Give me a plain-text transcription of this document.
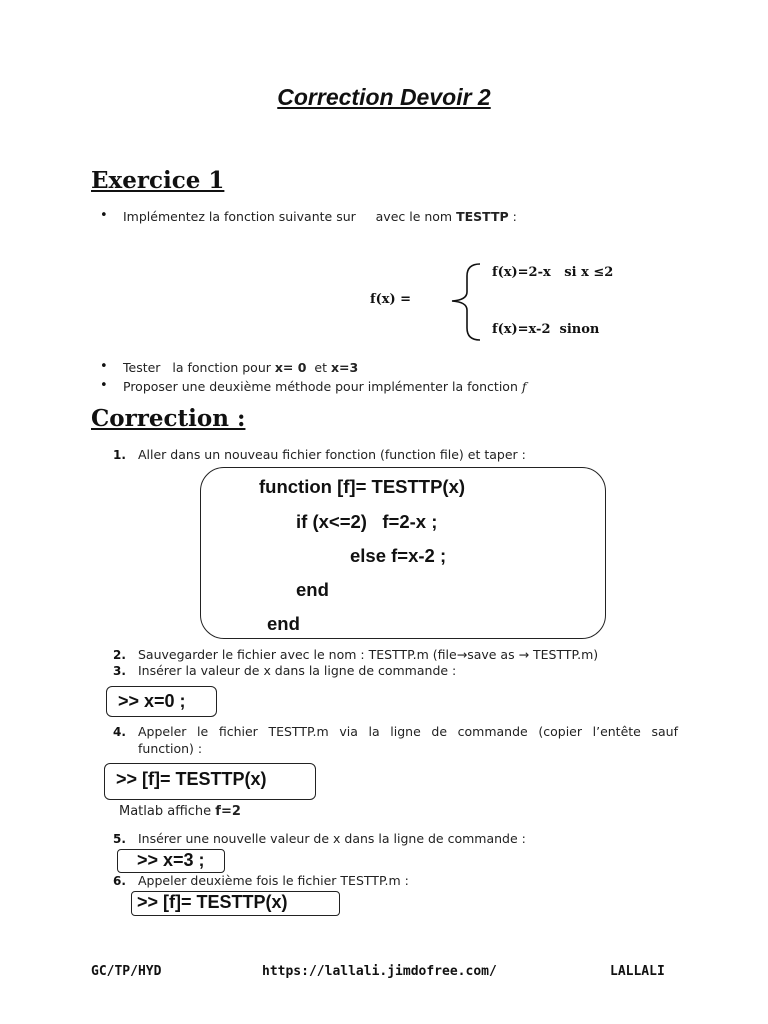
Correction Devoir 2
Exercice 1
• Implémentez la fonction suivante sur     avec le nom TESTTP :
f(x) =
f(x)=2-x   si x ≤2
f(x)=x-2  sinon
• Tester   la fonction pour x= 0  et x=3
• Proposer une deuxième méthode pour implémenter la fonction f
Correction :
1. Aller dans un nouveau fichier fonction (function file) et taper :
function [f]= TESTTP(x)
if (x<=2)   f=2-x ;
else f=x-2 ;
end
end
2. Sauvegarder le fichier avec le nom : TESTTP.m (file→save as → TESTTP.m)
3. Insérer la valeur de x dans la ligne de commande :
>> x=0 ;
4. Appeler le fichier TESTTP.m via la ligne de commande (copier l’entête sauf
function) :
>> [f]= TESTTP(x)
Matlab affiche f=2
5. Insérer une nouvelle valeur de x dans la ligne de commande :
>> x=3 ;
6. Appeler deuxième fois le fichier TESTTP.m :
>> [f]= TESTTP(x)
GC/TP/HYD	https://lallali.jimdofree.com/	LALLALI
